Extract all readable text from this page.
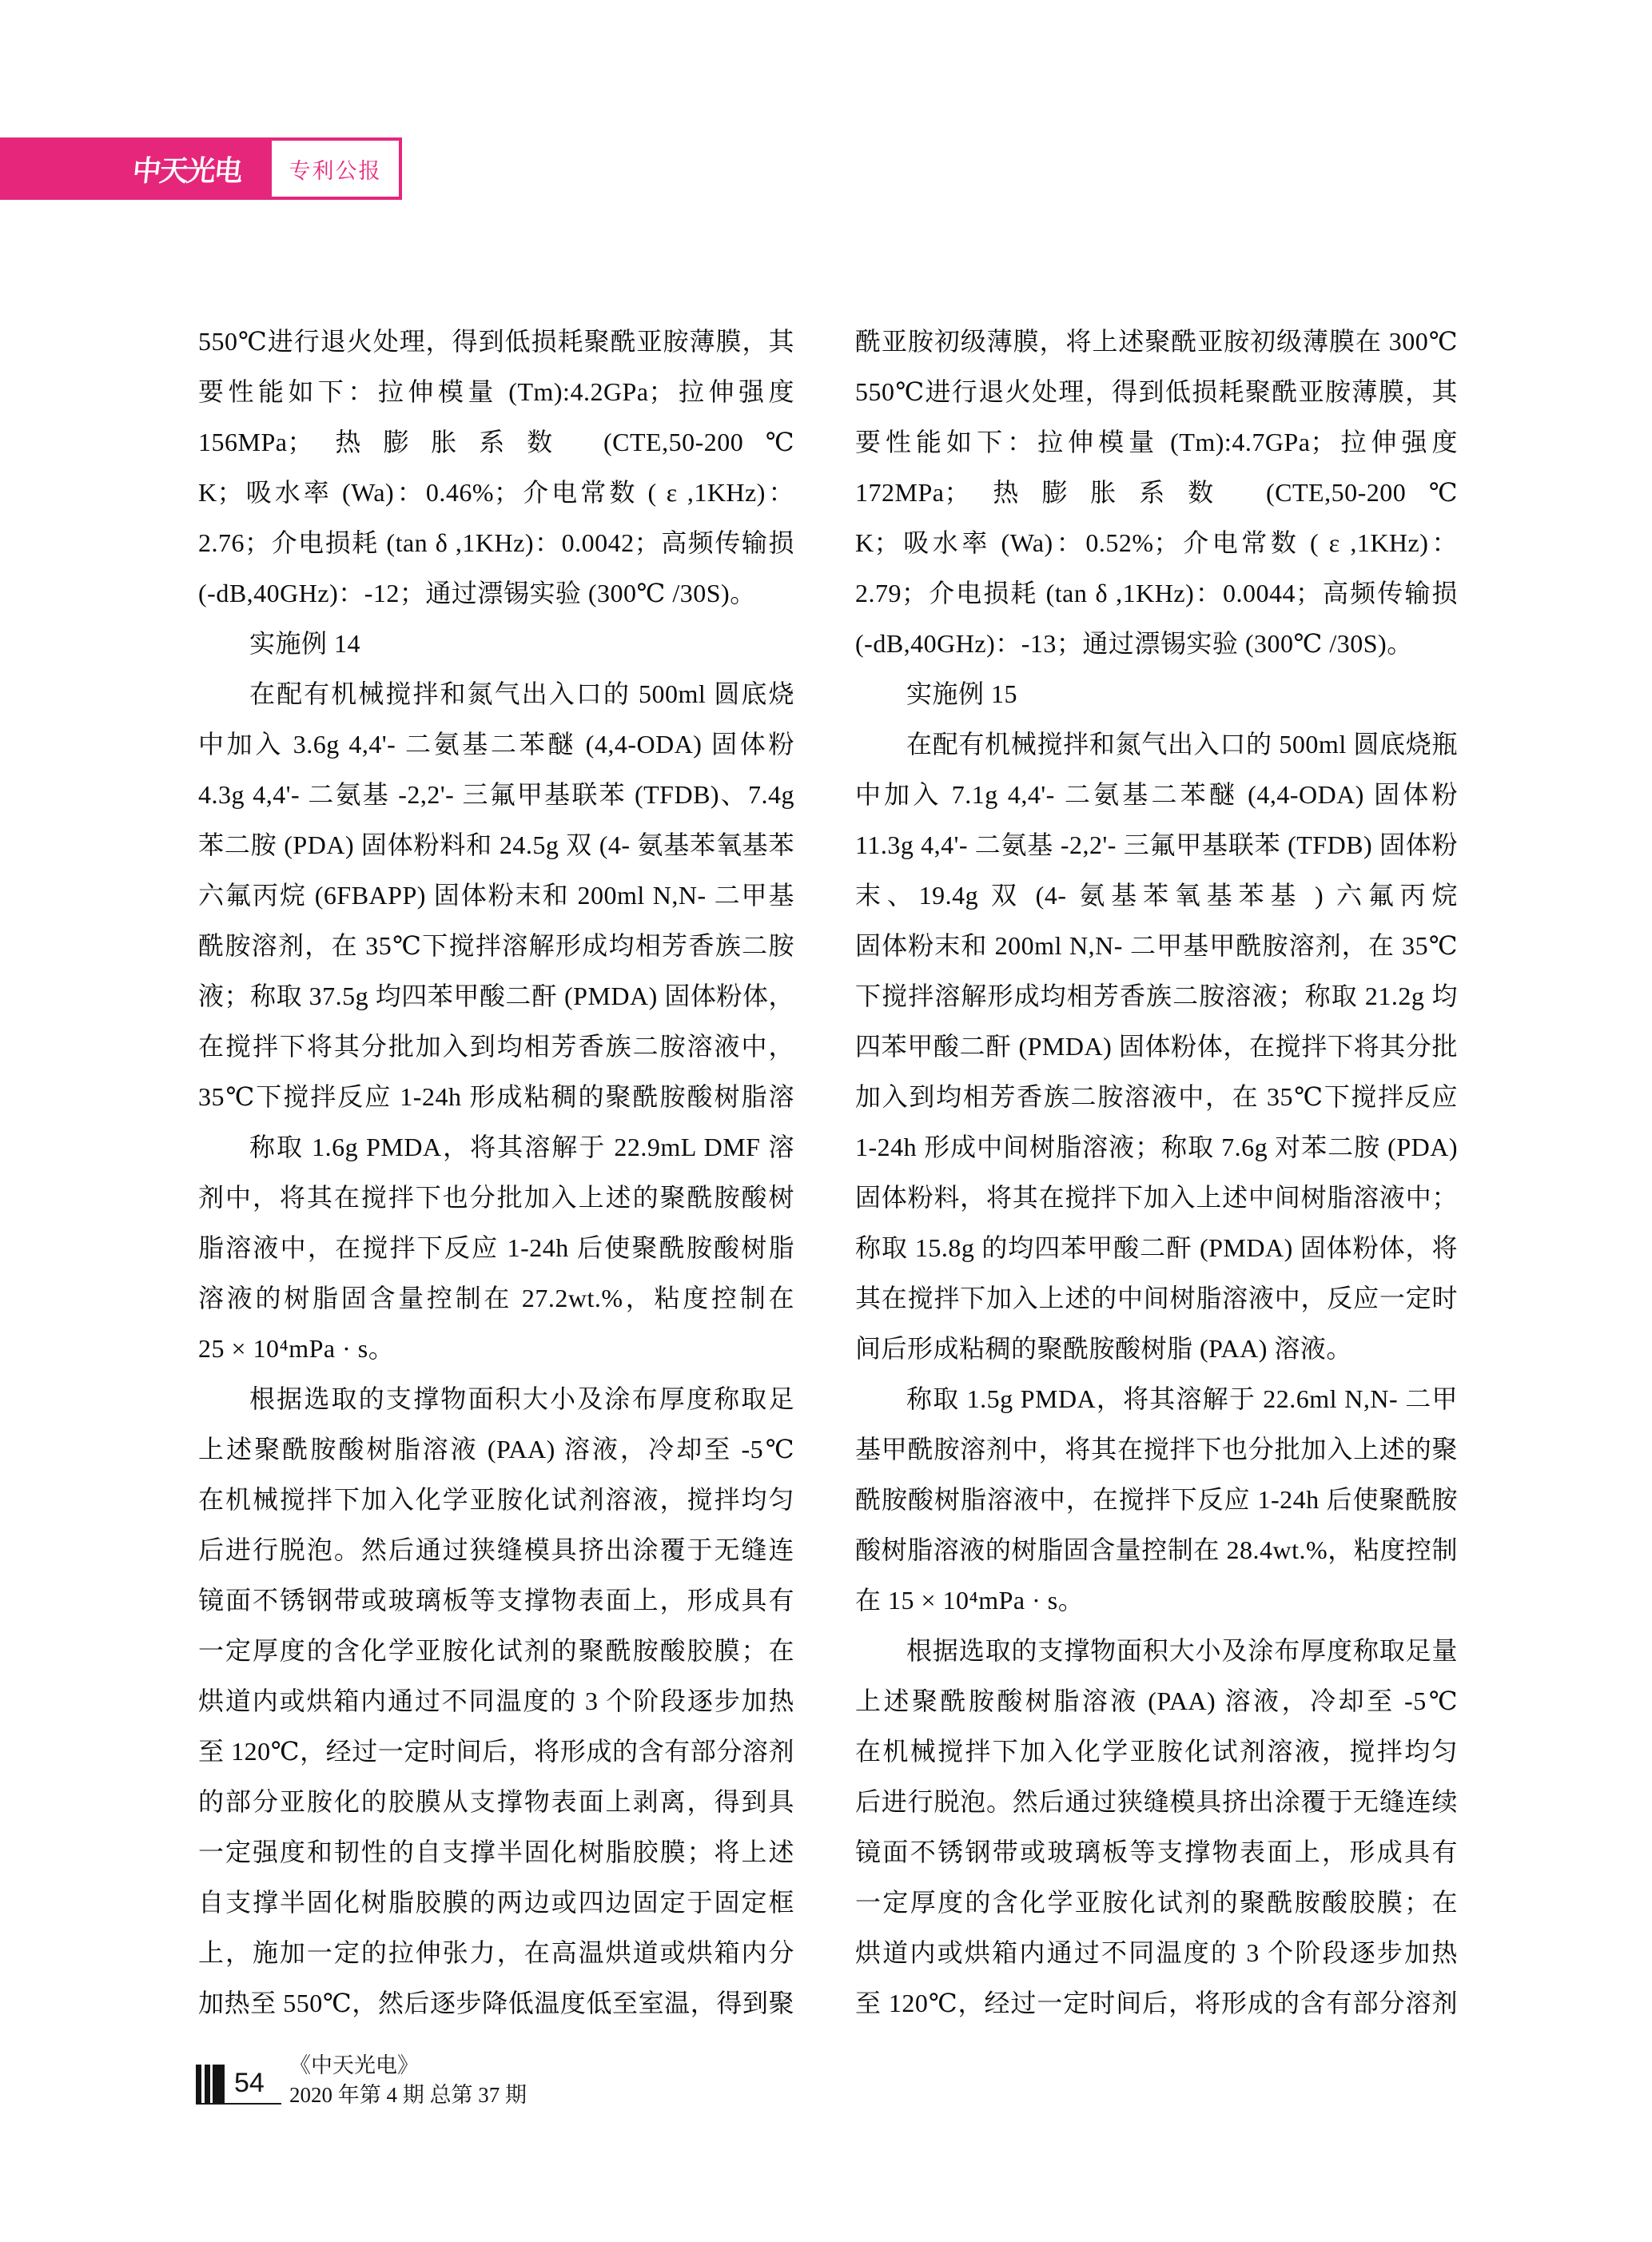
中天光电 专利公报
550℃进行退火处理，得到低损耗聚酰亚胺薄膜，其
要性能如下：拉伸模量 (Tm):4.2GPa；拉伸强度
156MPa；热膨胀系数 (CTE,50-200℃
K；吸水率 (Wa)：0.46%；介电常数 ( ε ,1KHz)：
2.76；介电损耗 (tan δ ,1KHz)：0.0042；高频传输损
(-dB,40GHz)：-12；通过漂锡实验 (300℃ /30S)。
实施例 14
在配有机械搅拌和氮气出入口的 500ml 圆底烧
中加入 3.6g 4,4'- 二氨基二苯醚 (4,4-ODA) 固体粉
4.3g 4,4'- 二氨基 -2,2'- 三氟甲基联苯 (TFDB)、7.4g
苯二胺 (PDA) 固体粉料和 24.5g 双 (4- 氨基苯氧基苯
六氟丙烷 (6FBAPP) 固体粉末和 200ml N,N- 二甲基
酰胺溶剂，在 35℃下搅拌溶解形成均相芳香族二胺
液；称取 37.5g 均四苯甲酸二酐 (PMDA) 固体粉体，
在搅拌下将其分批加入到均相芳香族二胺溶液中，
35℃下搅拌反应 1-24h 形成粘稠的聚酰胺酸树脂溶
称取 1.6g PMDA，将其溶解于 22.9mL DMF 溶
剂中，将其在搅拌下也分批加入上述的聚酰胺酸树
脂溶液中，在搅拌下反应 1-24h 后使聚酰胺酸树脂
溶液的树脂固含量控制在 27.2wt.%，粘度控制在
25 × 10⁴mPa · s。
根据选取的支撑物面积大小及涂布厚度称取足
上述聚酰胺酸树脂溶液 (PAA) 溶液，冷却至 -5℃
在机械搅拌下加入化学亚胺化试剂溶液，搅拌均匀
后进行脱泡。然后通过狭缝模具挤出涂覆于无缝连
镜面不锈钢带或玻璃板等支撑物表面上，形成具有
一定厚度的含化学亚胺化试剂的聚酰胺酸胶膜；在
烘道内或烘箱内通过不同温度的 3 个阶段逐步加热
至 120℃，经过一定时间后，将形成的含有部分溶剂
的部分亚胺化的胶膜从支撑物表面上剥离，得到具
一定强度和韧性的自支撑半固化树脂胶膜；将上述
自支撑半固化树脂胶膜的两边或四边固定于固定框
上，施加一定的拉伸张力，在高温烘道或烘箱内分
加热至 550℃，然后逐步降低温度低至室温，得到聚
酰亚胺初级薄膜，将上述聚酰亚胺初级薄膜在 300℃
550℃进行退火处理，得到低损耗聚酰亚胺薄膜，其
要性能如下：拉伸模量 (Tm):4.7GPa；拉伸强度
172MPa；热膨胀系数 (CTE,50-200℃
K；吸水率 (Wa)：0.52%；介电常数 ( ε ,1KHz)：
2.79；介电损耗 (tan δ ,1KHz)：0.0044；高频传输损
(-dB,40GHz)：-13；通过漂锡实验 (300℃ /30S)。
实施例 15
在配有机械搅拌和氮气出入口的 500ml 圆底烧瓶
中加入 7.1g 4,4'- 二氨基二苯醚 (4,4-ODA) 固体粉
11.3g 4,4'- 二氨基 -2,2'- 三氟甲基联苯 (TFDB) 固体粉
末、19.4g 双 (4- 氨基苯氧基苯基 ) 六氟丙烷
固体粉末和 200ml N,N- 二甲基甲酰胺溶剂，在 35℃
下搅拌溶解形成均相芳香族二胺溶液；称取 21.2g 均
四苯甲酸二酐 (PMDA) 固体粉体，在搅拌下将其分批
加入到均相芳香族二胺溶液中，在 35℃下搅拌反应
1-24h 形成中间树脂溶液；称取 7.6g 对苯二胺 (PDA)
固体粉料，将其在搅拌下加入上述中间树脂溶液中；
称取 15.8g 的均四苯甲酸二酐 (PMDA) 固体粉体，将
其在搅拌下加入上述的中间树脂溶液中，反应一定时
间后形成粘稠的聚酰胺酸树脂 (PAA) 溶液。
称取 1.5g PMDA，将其溶解于 22.6ml N,N- 二甲
基甲酰胺溶剂中，将其在搅拌下也分批加入上述的聚
酰胺酸树脂溶液中，在搅拌下反应 1-24h 后使聚酰胺
酸树脂溶液的树脂固含量控制在 28.4wt.%，粘度控制
在 15 × 10⁴mPa · s。
根据选取的支撑物面积大小及涂布厚度称取足量
上述聚酰胺酸树脂溶液 (PAA) 溶液，冷却至 -5℃
在机械搅拌下加入化学亚胺化试剂溶液，搅拌均匀
后进行脱泡。然后通过狭缝模具挤出涂覆于无缝连续
镜面不锈钢带或玻璃板等支撑物表面上，形成具有
一定厚度的含化学亚胺化试剂的聚酰胺酸胶膜；在
烘道内或烘箱内通过不同温度的 3 个阶段逐步加热
至 120℃，经过一定时间后，将形成的含有部分溶剂
54
《中天光电》
2020 年第 4 期 总第 37 期
